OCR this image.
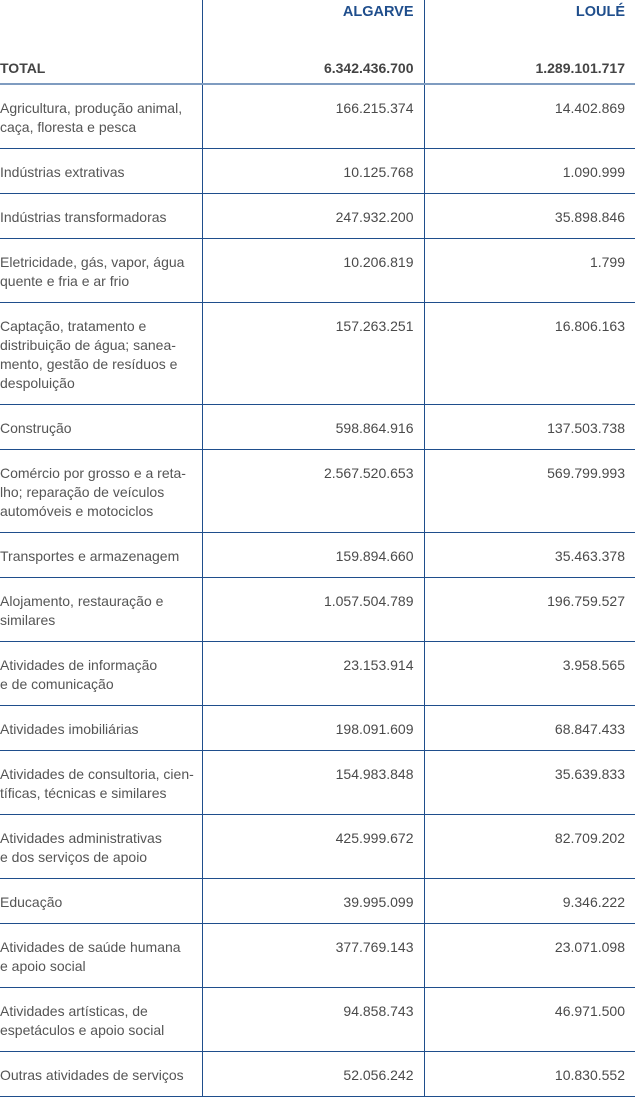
	ALGARVE	LOULÉ
TOTAL	6.342.436.700	1.289.101.717
Agricultura, produção animal,
caça, floresta e pesca	166.215.374	14.402.869
Indústrias extrativas	10.125.768	1.090.999
Indústrias transformadoras	247.932.200	35.898.846
Eletricidade, gás, vapor, água
quente e fria e ar frio	10.206.819	1.799
Captação, tratamento e
distribuição de água; sanea-
mento, gestão de resíduos e
despoluição	157.263.251	16.806.163
Construção	598.864.916	137.503.738
Comércio por grosso e a reta-
lho; reparação de veículos
automóveis e motociclos	2.567.520.653	569.799.993
Transportes e armazenagem	159.894.660	35.463.378
Alojamento, restauração e
similares	1.057.504.789	196.759.527
Atividades de informação
e de comunicação	23.153.914	3.958.565
Atividades imobiliárias	198.091.609	68.847.433
Atividades de consultoria, cien-
tíficas, técnicas e similares	154.983.848	35.639.833
Atividades administrativas
e dos serviços de apoio	425.999.672	82.709.202
Educação	39.995.099	9.346.222
Atividades de saúde humana
e apoio social	377.769.143	23.071.098
Atividades artísticas, de
espetáculos e apoio social	94.858.743	46.971.500
Outras atividades de serviços	52.056.242	10.830.552
